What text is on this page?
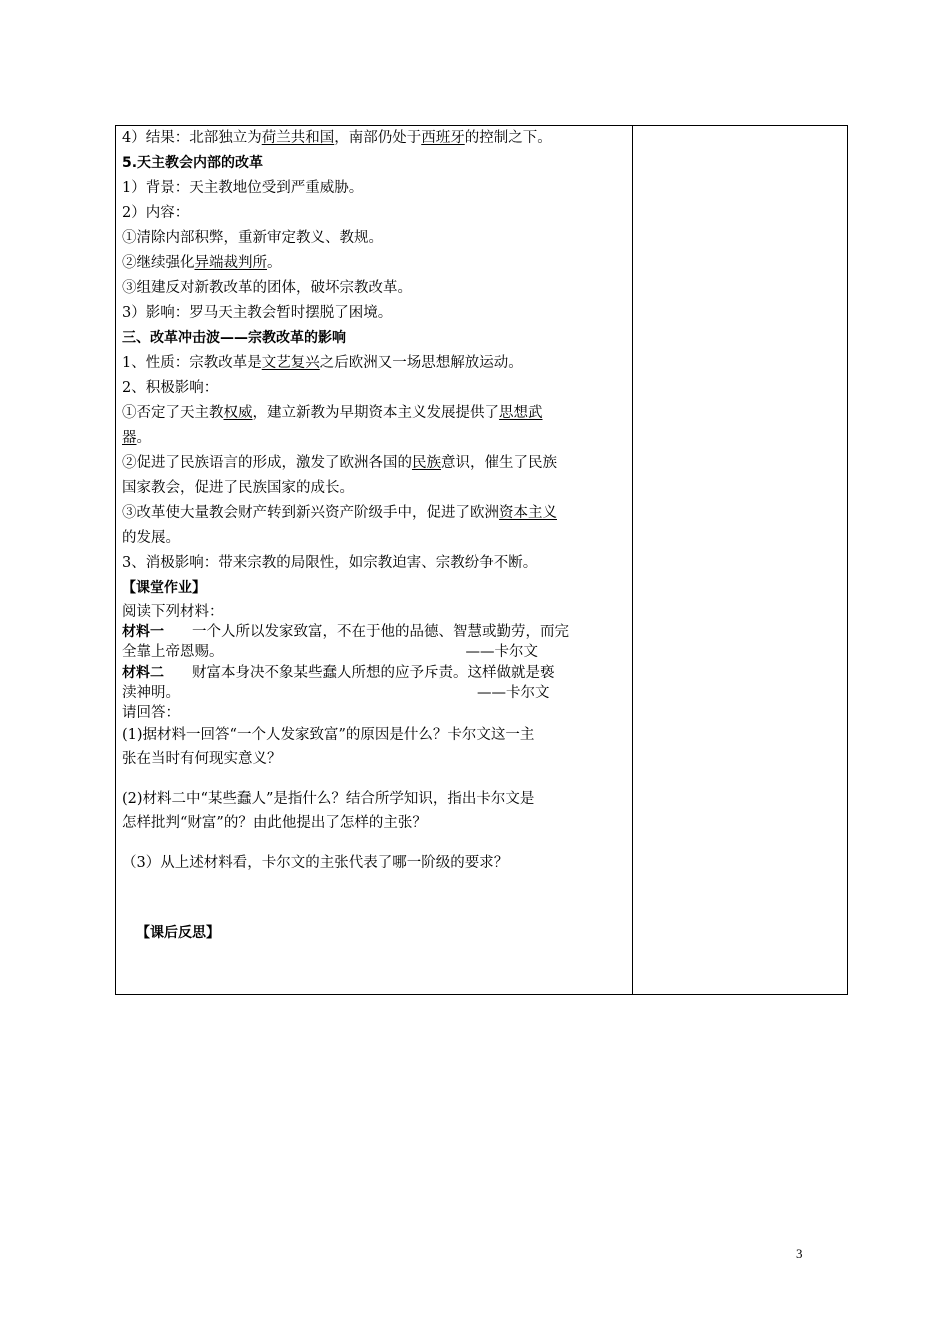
4）结果：北部独立为荷兰共和国，南部仍处于西班牙的控制之下。
5.天主教会内部的改革
1）背景：天主教地位受到严重威胁。
2）内容：
①清除内部积弊，重新审定教义、教规。
②继续强化异端裁判所。
③组建反对新教改革的团体，破坏宗教改革。
3）影响：罗马天主教会暂时摆脱了困境。
三、改革冲击波——宗教改革的影响
1、性质：宗教改革是文艺复兴之后欧洲又一场思想解放运动。
2、积极影响：
①否定了天主教权威，建立新教为早期资本主义发展提供了思想武
器。
②促进了民族语言的形成，激发了欧洲各国的民族意识，催生了民族
国家教会，促进了民族国家的成长。
③改革使大量教会财产转到新兴资产阶级手中，促进了欧洲资本主义
的发展。
3、消极影响：带来宗教的局限性，如宗教迫害、宗教纷争不断。
【课堂作业】
阅读下列材料：
材料一 一个人所以发家致富，不在于他的品德、智慧或勤劳，而完
全靠上帝恩赐。	——卡尔文
材料二 财富本身决不象某些蠢人所想的应予斥责。这样做就是亵
渎神明。	——卡尔文
请回答：
(1)据材料一回答“一个人发家致富”的原因是什么？卡尔文这一主
张在当时有何现实意义？
(2)材料二中“某些蠢人”是指什么？结合所学知识，指出卡尔文是
怎样批判“财富”的？由此他提出了怎样的主张？
（3）从上述材料看，卡尔文的主张代表了哪一阶级的要求？
【课后反思】
3
